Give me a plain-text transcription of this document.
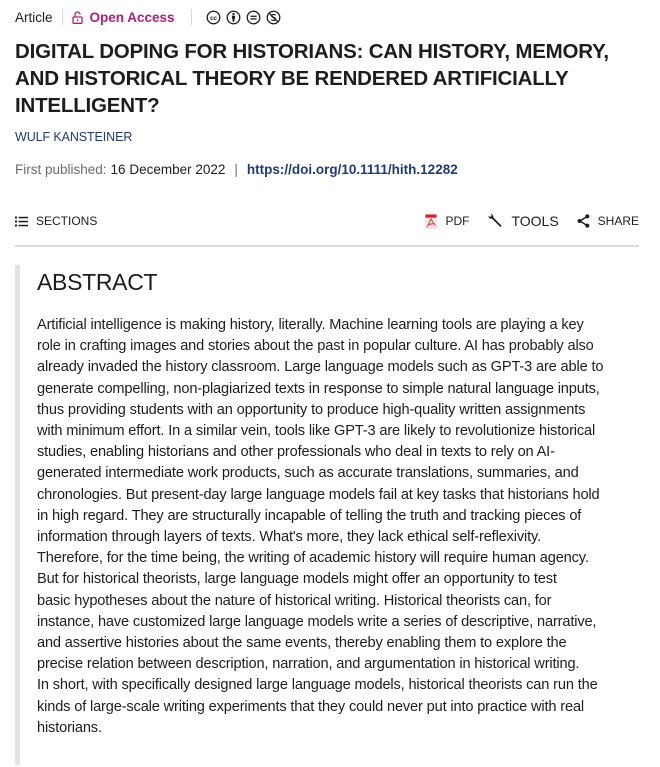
Article	Open Access	cc
DIGITAL DOPING FOR HISTORIANS: CAN HISTORY, MEMORY, AND HISTORICAL THEORY BE RENDERED ARTIFICIALLY INTELLIGENT?
WULF KANSTEINER
First published: 16 December 2022 | https://doi.org/10.1111/hith.12282
SECTIONS	PDF	TOOLS	SHARE
ABSTRACT

Artificial intelligence is making history, literally. Machine learning tools are playing a key
role in crafting images and stories about the past in popular culture. AI has probably also
already invaded the history classroom. Large language models such as GPT-3 are able to
generate compelling, non-plagiarized texts in response to simple natural language inputs,
thus providing students with an opportunity to produce high-quality written assignments
with minimum effort. In a similar vein, tools like GPT-3 are likely to revolutionize historical
studies, enabling historians and other professionals who deal in texts to rely on AI-
generated intermediate work products, such as accurate translations, summaries, and
chronologies. But present-day large language models fail at key tasks that historians hold
in high regard. They are structurally incapable of telling the truth and tracking pieces of
information through layers of texts. What's more, they lack ethical self-reflexivity.
Therefore, for the time being, the writing of academic history will require human agency.
But for historical theorists, large language models might offer an opportunity to test
basic hypotheses about the nature of historical writing. Historical theorists can, for
instance, have customized large language models write a series of descriptive, narrative,
and assertive histories about the same events, thereby enabling them to explore the
precise relation between description, narration, and argumentation in historical writing.
In short, with specifically designed large language models, historical theorists can run the
kinds of large-scale writing experiments that they could never put into practice with real
historians.
